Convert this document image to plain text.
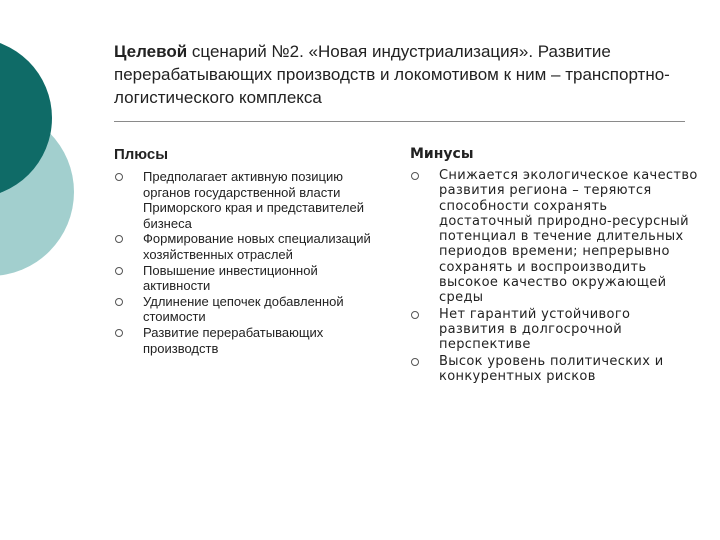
Целевой сценарий №2. «Новая индустриализация». Развитие перерабатывающих производств и локомотивом к ним – транспортно-логистического комплекса
Плюсы
Предполагает активную позицию органов государственной власти Приморского края и представителей бизнеса
Формирование новых специализаций хозяйственных отраслей
Повышение инвестиционной активности
Удлинение цепочек добавленной стоимости
Развитие перерабатывающих производств
Минусы
Снижается экологическое качество развития региона – теряются способности сохранять достаточный природно-ресурсный потенциал в течение длительных периодов времени; непрерывно сохранять и воспроизводить высокое качество окружающей среды
Нет гарантий устойчивого развития в долгосрочной перспективе
Высок уровень политических и конкурентных рисков
